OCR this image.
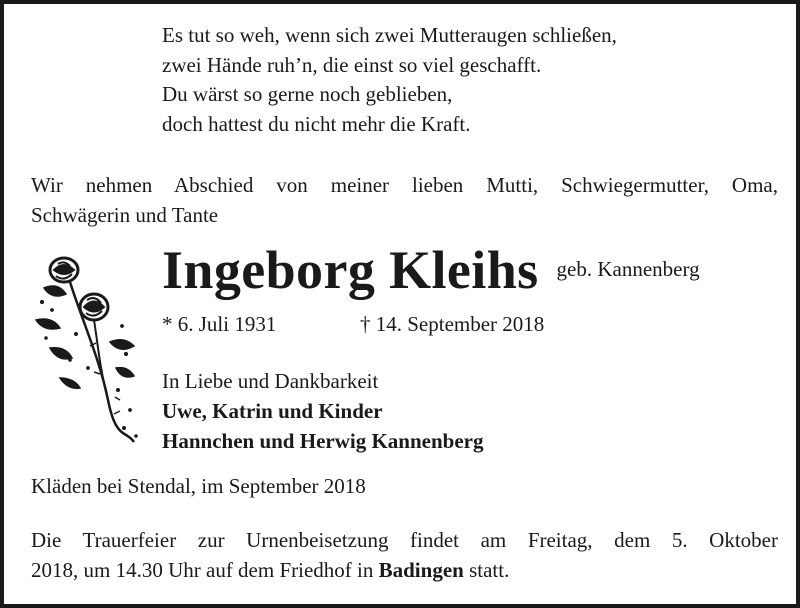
Es tut so weh, wenn sich zwei Mutteraugen schließen,
zwei Hände ruh’n, die einst so viel geschafft.
Du wärst so gerne noch geblieben,
doch hattest du nicht mehr die Kraft.
Wir nehmen Abschied von meiner lieben Mutti, Schwiegermutter, Oma,
Schwägerin und Tante
Ingeborg Kleihs geb. Kannenberg
* 6. Juli 1931	† 14. September 2018
In Liebe und Dankbarkeit
Uwe, Katrin und Kinder
Hannchen und Herwig Kannenberg
Kläden bei Stendal, im September 2018
Die Trauerfeier zur Urnenbeisetzung findet am Freitag, dem 5. Oktober
2018, um 14.30 Uhr auf dem Friedhof in Badingen statt.
